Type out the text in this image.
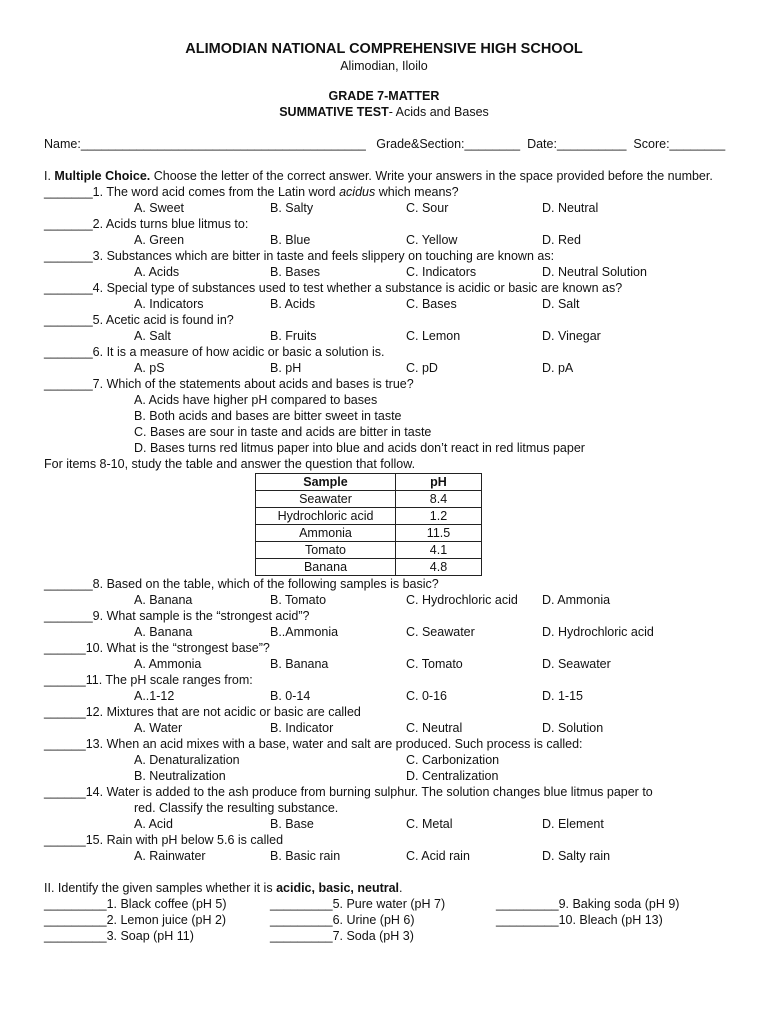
ALIMODIAN NATIONAL COMPREHENSIVE HIGH SCHOOL
Alimodian, Iloilo
GRADE 7-MATTER
SUMMATIVE TEST- Acids and Bases
Name:_________________________________________   Grade&Section:________  Date:__________  Score:________
I. Multiple Choice. Choose the letter of the correct answer. Write your answers in the space provided before the number.
_______1. The word acid comes from the Latin word acidus which means?
A. Sweet	B. Salty	C. Sour	D. Neutral
_______2. Acids turns blue litmus to:
A. Green	B. Blue	C. Yellow	D. Red
_______3. Substances which are bitter in taste and feels slippery on touching are known as:
A. Acids	B. Bases	C. Indicators	D. Neutral Solution
_______4. Special type of substances used to test whether a substance is acidic or basic are known as?
A. Indicators	B. Acids	C. Bases	D. Salt
_______5. Acetic acid is found in?
A. Salt	B. Fruits	C. Lemon	D. Vinegar
_______6. It is a measure of how acidic or basic a solution is.
A. pS	B. pH	C. pD	D. pA
_______7. Which of the statements about acids and bases is true?
A. Acids have higher pH compared to bases
B. Both acids and bases are bitter sweet in taste
C. Bases are sour in taste and acids are bitter in taste
D. Bases turns red litmus paper into blue and acids don’t react in red litmus paper
For items 8-10, study the table and answer the question that follow.
Sample	pH
Seawater	8.4
Hydrochloric acid	1.2
Ammonia	11.5
Tomato	4.1
Banana	4.8
_______8. Based on the table, which of the following samples is basic?
A. Banana	B. Tomato	C. Hydrochloric acid	D. Ammonia
_______9. What sample is the “strongest acid”?
A. Banana	B..Ammonia	C. Seawater	D. Hydrochloric acid
______10. What is the “strongest base”?
A. Ammonia	B. Banana	C. Tomato	D. Seawater
______11. The pH scale ranges from:
A..1-12	B. 0-14	C. 0-16	D. 1-15
______12. Mixtures that are not acidic or basic are called
A. Water	B. Indicator	C. Neutral	D. Solution
______13. When an acid mixes with a base, water and salt are produced. Such process is called:
A. Denaturalization	C. Carbonization
B. Neutralization	D. Centralization
______14. Water is added to the ash produce from burning sulphur. The solution changes blue litmus paper to
red. Classify the resulting substance.
A. Acid	B. Base	C. Metal	D. Element
______15. Rain with pH below 5.6 is called
A. Rainwater	B. Basic rain	C. Acid rain	D. Salty rain
II. Identify the given samples whether it is acidic, basic, neutral.
_________1. Black coffee (pH 5)	_________5. Pure water (pH 7)	_________9. Baking soda (pH 9)
_________2. Lemon juice (pH 2)	_________6. Urine (pH 6)	_________10. Bleach (pH 13)
_________3. Soap (pH 11)	_________7. Soda (pH 3)
